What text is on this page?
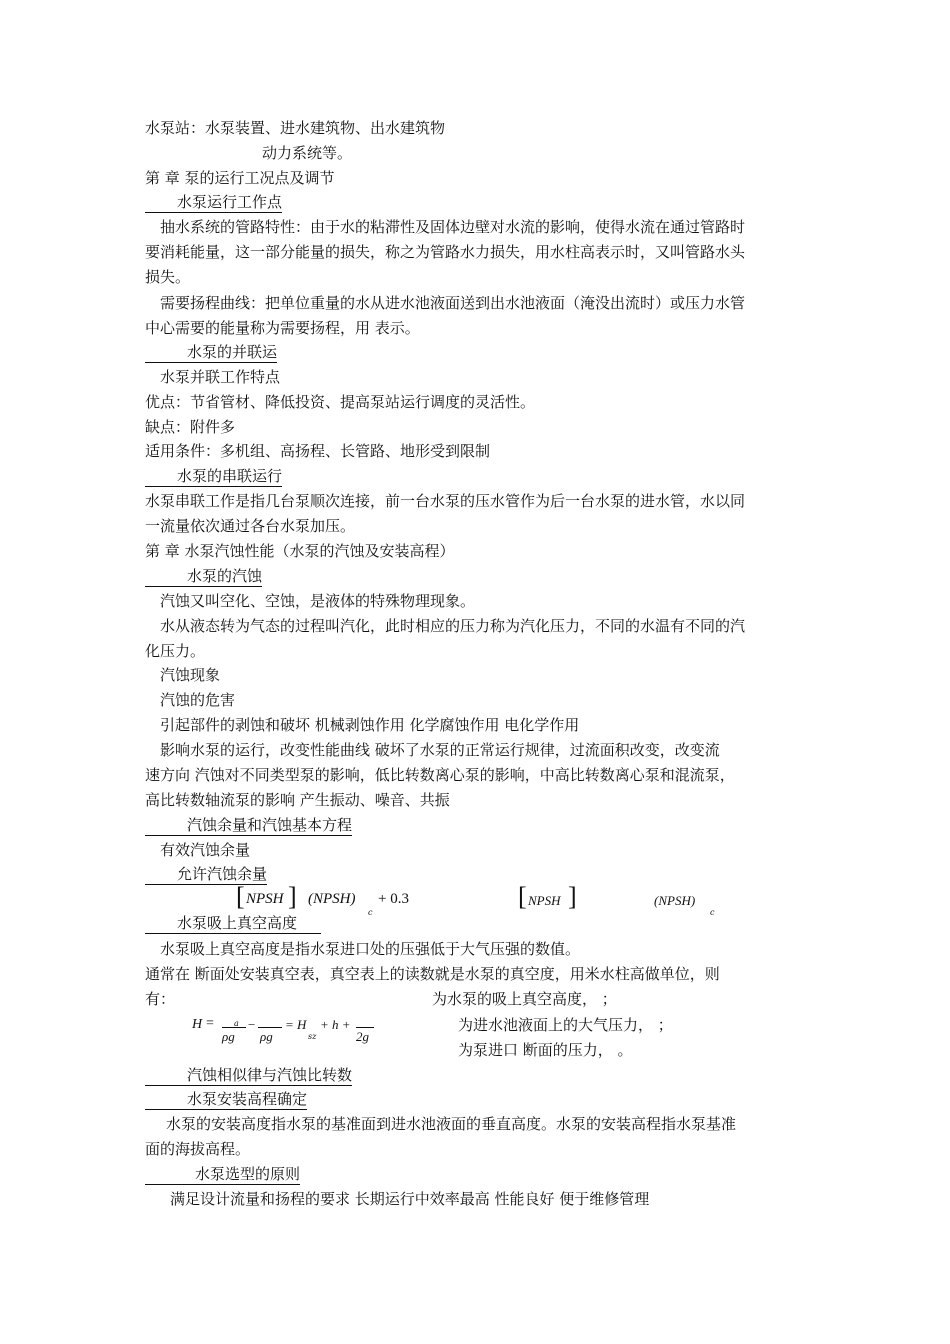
水泵站：水泵装置、进水建筑物、出水建筑物
动力系统等。
第 章 泵的运行工况点及调节
水泵运行工作点
抽水系统的管路特性：由于水的粘滞性及固体边壁对水流的影响，使得水流在通过管路时
要消耗能量，这一部分能量的损失，称之为管路水力损失，用水柱高表示时，又叫管路水头
损失。
需要扬程曲线：把单位重量的水从进水池液面送到出水池液面（淹没出流时）或压力水管
中心需要的能量称为需要扬程，用 表示。
水泵的并联运
水泵并联工作特点
优点：节省管材、降低投资、提高泵站运行调度的灵活性。
缺点：附件多
适用条件：多机组、高扬程、长管路、地形受到限制
水泵的串联运行
水泵串联工作是指几台泵顺次连接，前一台水泵的压水管作为后一台水泵的进水管，水以同
一流量依次通过各台水泵加压。
第 章 水泵汽蚀性能（水泵的汽蚀及安装高程）
水泵的汽蚀
汽蚀又叫空化、空蚀，是液体的特殊物理现象。
水从液态转为气态的过程叫汽化，此时相应的压力称为汽化压力，不同的水温有不同的汽
化压力。
汽蚀现象
汽蚀的危害
引起部件的剥蚀和破坏 机械剥蚀作用 化学腐蚀作用 电化学作用
影响水泵的运行，改变性能曲线 破坏了水泵的正常运行规律，过流面积改变，改变流
速方向 汽蚀对不同类型泵的影响，低比转数离心泵的影响，中高比转数离心泵和混流泵，
高比转数轴流泵的影响 产生振动、噪音、共振
汽蚀余量和汽蚀基本方程
有效汽蚀余量
允许汽蚀余量
[ NPSH ] (NPSH)
c
+ 0.3	[ NPSH ]	(NPSH)
c
水泵吸上真空高度
水泵吸上真空高度是指水泵进口处的压强低于大气压强的数值。
通常在 断面处安装真空表，真空表上的读数就是水泵的真空度，用米水柱高做单位，则
有：	为水泵的吸上真空高度， ；
H =	a
ρg
−
ρg
= H
sz
+ h +
2g
为进水池液面上的大气压力， ；
为泵进口 断面的压力， 。
汽蚀相似律与汽蚀比转数
水泵安装高程确定
水泵的安装高度指水泵的基准面到进水池液面的垂直高度。水泵的安装高程指水泵基准
面的海拔高程。
水泵选型的原则
满足设计流量和扬程的要求 长期运行中效率最高 性能良好 便于维修管理
